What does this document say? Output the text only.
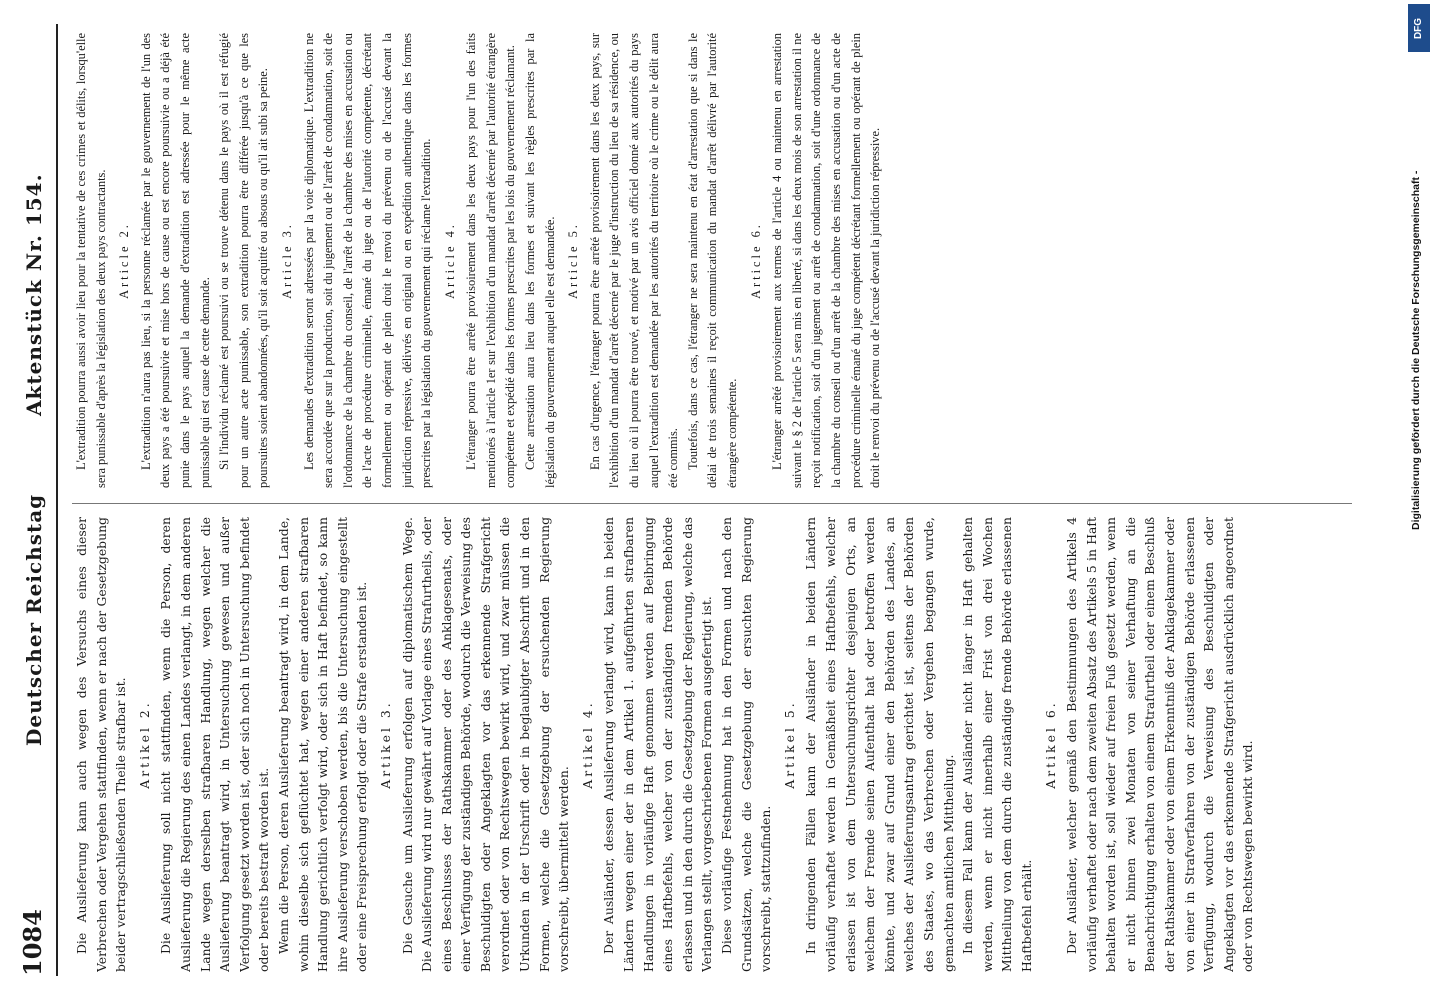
1084
Deutscher Reichstag
Aktenstück Nr. 154.

Die Auslieferung kann auch wegen des Versuchs eines dieser Verbrechen oder Vergehen stattfinden, wenn er nach der Gesetzgebung beider vertragschließenden Theile strafbar ist. Artikel 2. Die Auslieferung soll nicht stattfinden, wenn die Person, deren Auslieferung die Regierung des einen Landes verlangt, in dem anderen Lande wegen derselben strafbaren Handlung, wegen welcher die Auslieferung beantragt wird, in Untersuchung gewesen und außer Verfolgung gesetzt worden ist, oder sich noch in Untersuchung befindet oder bereits bestraft worden ist. Wenn die Person, deren Auslieferung beantragt wird, in dem Lande, wohin dieselbe sich geflüchtet hat, wegen einer anderen strafbaren Handlung gerichtlich verfolgt wird, oder sich in Haft befindet, so kann ihre Auslieferung verschoben werden, bis die Untersuchung eingestellt oder eine Freisprechung erfolgt oder die Strafe erstanden ist. Artikel 3. Die Gesuche um Auslieferung erfolgen auf diplomatischem Wege. Die Auslieferung wird nur gewährt auf Vorlage eines Strafurtheils, oder eines Beschlusses der Rathskammer oder des Anklagesenats, oder einer Verfügung der zuständigen Behörde, wodurch die Verweisung des Beschuldigten oder Angeklagten vor das erkennende Strafgericht verordnet oder von Rechtswegen bewirkt wird, und zwar müssen die Urkunden in der Urschrift oder in beglaubigter Abschrift und in den Formen, welche die Gesetzgebung der ersuchenden Regierung vorschreibt, übermittelt werden.

Artikel 4. Der Ausländer, dessen Auslieferung verlangt wird, kann in beiden Ländern wegen einer der in dem Artikel 1. aufgeführten strafbaren Handlungen in vorläufige Haft genommen werden auf Beibringung eines Haftbefehls, welcher von der zuständigen fremden Behörde erlassen und in den durch die Gesetzgebung der Regierung, welche das Verlangen stellt, vorgeschriebenen Formen ausgefertigt ist. Diese vorläufige Festnehmung hat in den Formen und nach den Grundsätzen, welche die Gesetzgebung der ersuchten Regierung vorschreibt, stattzufinden.

Artikel 5. In dringenden Fällen kann der Ausländer in beiden Ländern vorläufig verhaftet werden in Gemäßheit eines Haftbefehls, welcher erlassen ist von dem Untersuchungsrichter desjenigen Orts, an welchem der Fremde seinen Aufenthalt hat oder betroffen werden könnte, und zwar auf Grund einer den Behörden des Landes, an welches der Auslieferungsantrag gerichtet ist, seitens der Behörden des Staates, wo das Verbrechen oder Vergehen begangen wurde, gemachten amtlichen Mittheilung. In diesem Fall kann der Ausländer nicht länger in Haft gehalten werden, wenn er nicht innerhalb einer Frist von drei Wochen Mittheilung von dem durch die zuständige fremde Behörde erlassenen Haftbefehl erhält.

Artikel 6. Der Ausländer, welcher gemäß den Bestimmungen des Artikels 4 vorläufig verhaftet oder nach dem zweiten Absatz des Artikels 5 in Haft behalten worden ist, soll wieder auf freien Fuß gesetzt werden, wenn er nicht binnen zwei Monaten von seiner Verhaftung an die Benachrichtigung erhalten von einem Strafurtheil oder einem Beschluß der Rathskammer oder von einem Erkenntniß der Anklagekammer oder von einer in Strafverfahren von der zuständigen Behörde erlassenen Verfügung, wodurch die Verweisung des Beschuldigten oder Angeklagten vor das erkennende Strafgericht ausdrücklich angeordnet oder von Rechtswegen bewirkt wird.

L'extradition pourra aussi avoir lieu pour la tentative de ces crimes et délits, lorsqu'elle sera punissable d'après la législation des deux pays contractants. Article 2. L'extradition n'aura pas lieu, si la personne réclamée par le gouvernement de l'un des deux pays a été poursuivie et mise hors de cause ou est encore poursuivie ou a déjà été punie dans le pays auquel la demande d'extradition est adressée pour le même acte punissable qui est cause de cette demande. Si l'individu réclamé est poursuivi ou se trouve détenu dans le pays où il est réfugié pour un autre acte punissable, son extradition pourra être différée jusqu'à ce que les poursuites soient abandonnées, qu'il soit acquitté ou absous ou qu'il ait subi sa peine. Article 3. Les demandes d'extradition seront adressées par la voie diplomatique. L'extradition ne sera accordée que sur la production, soit du jugement ou de l'arrêt de condamnation, soit de l'ordonnance de la chambre du conseil, de l'arrêt de la chambre des mises en accusation ou de l'acte de procédure criminelle, émané du juge ou de l'autorité compétente, décrétant formellement ou opérant de plein droit le renvoi du prévenu ou de l'accusé devant la juridiction répressive, délivrés en original ou en expédition authentique dans les formes prescrites par la législation du gouvernement qui réclame l'extradition. Article 4. L'étranger pourra être arrêté provisoirement dans les deux pays pour l'un des faits mentionés à l'article 1er sur l'exhibition d'un mandat d'arrêt décerné par l'autorité étrangère compétente et expédié dans les formes prescrites par les lois du gouvernement réclamant. Cette arrestation aura lieu dans les formes et suivant les règles prescrites par la législation du gouvernement auquel elle est demandée. Article 5. En cas d'urgence, l'étranger pourra être arrêté provisoirement dans les deux pays, sur l'exhibition d'un mandat d'arrêt décerné par le juge d'instruction du lieu de sa résidence, ou du lieu où il pourra être trouvé, et motivé par un avis officiel donné aux autorités du pays auquel l'extradition est demandée par les autorités du territoire où le crime ou le délit aura été commis. Toutefois, dans ce cas, l'étranger ne sera maintenu en état d'arrestation que si dans le délai de trois semaines il reçoit communication du mandat d'arrêt délivré par l'autorité étrangère compétente.

Article 6. L'étranger arrêté provisoirement aux termes de l'article 4 ou maintenu en arrestation suivant le § 2 de l'article 5 sera mis en liberté, si dans les deux mois de son arrestation il ne reçoit notification, soit d'un jugement ou arrêt de condamnation, soit d'une ordonnance de la chambre du conseil ou d'un arrêt de la chambre des mises en accusation ou d'un acte de procédure criminelle émané du juge compétent décrétant formellement ou opérant de plein droit le renvoi du prévenu ou de l'accusé devant la juridiction répressive.	Digitalisierung gefördert durch die Deutsche Forschungsgemeinschaft -
DFG
